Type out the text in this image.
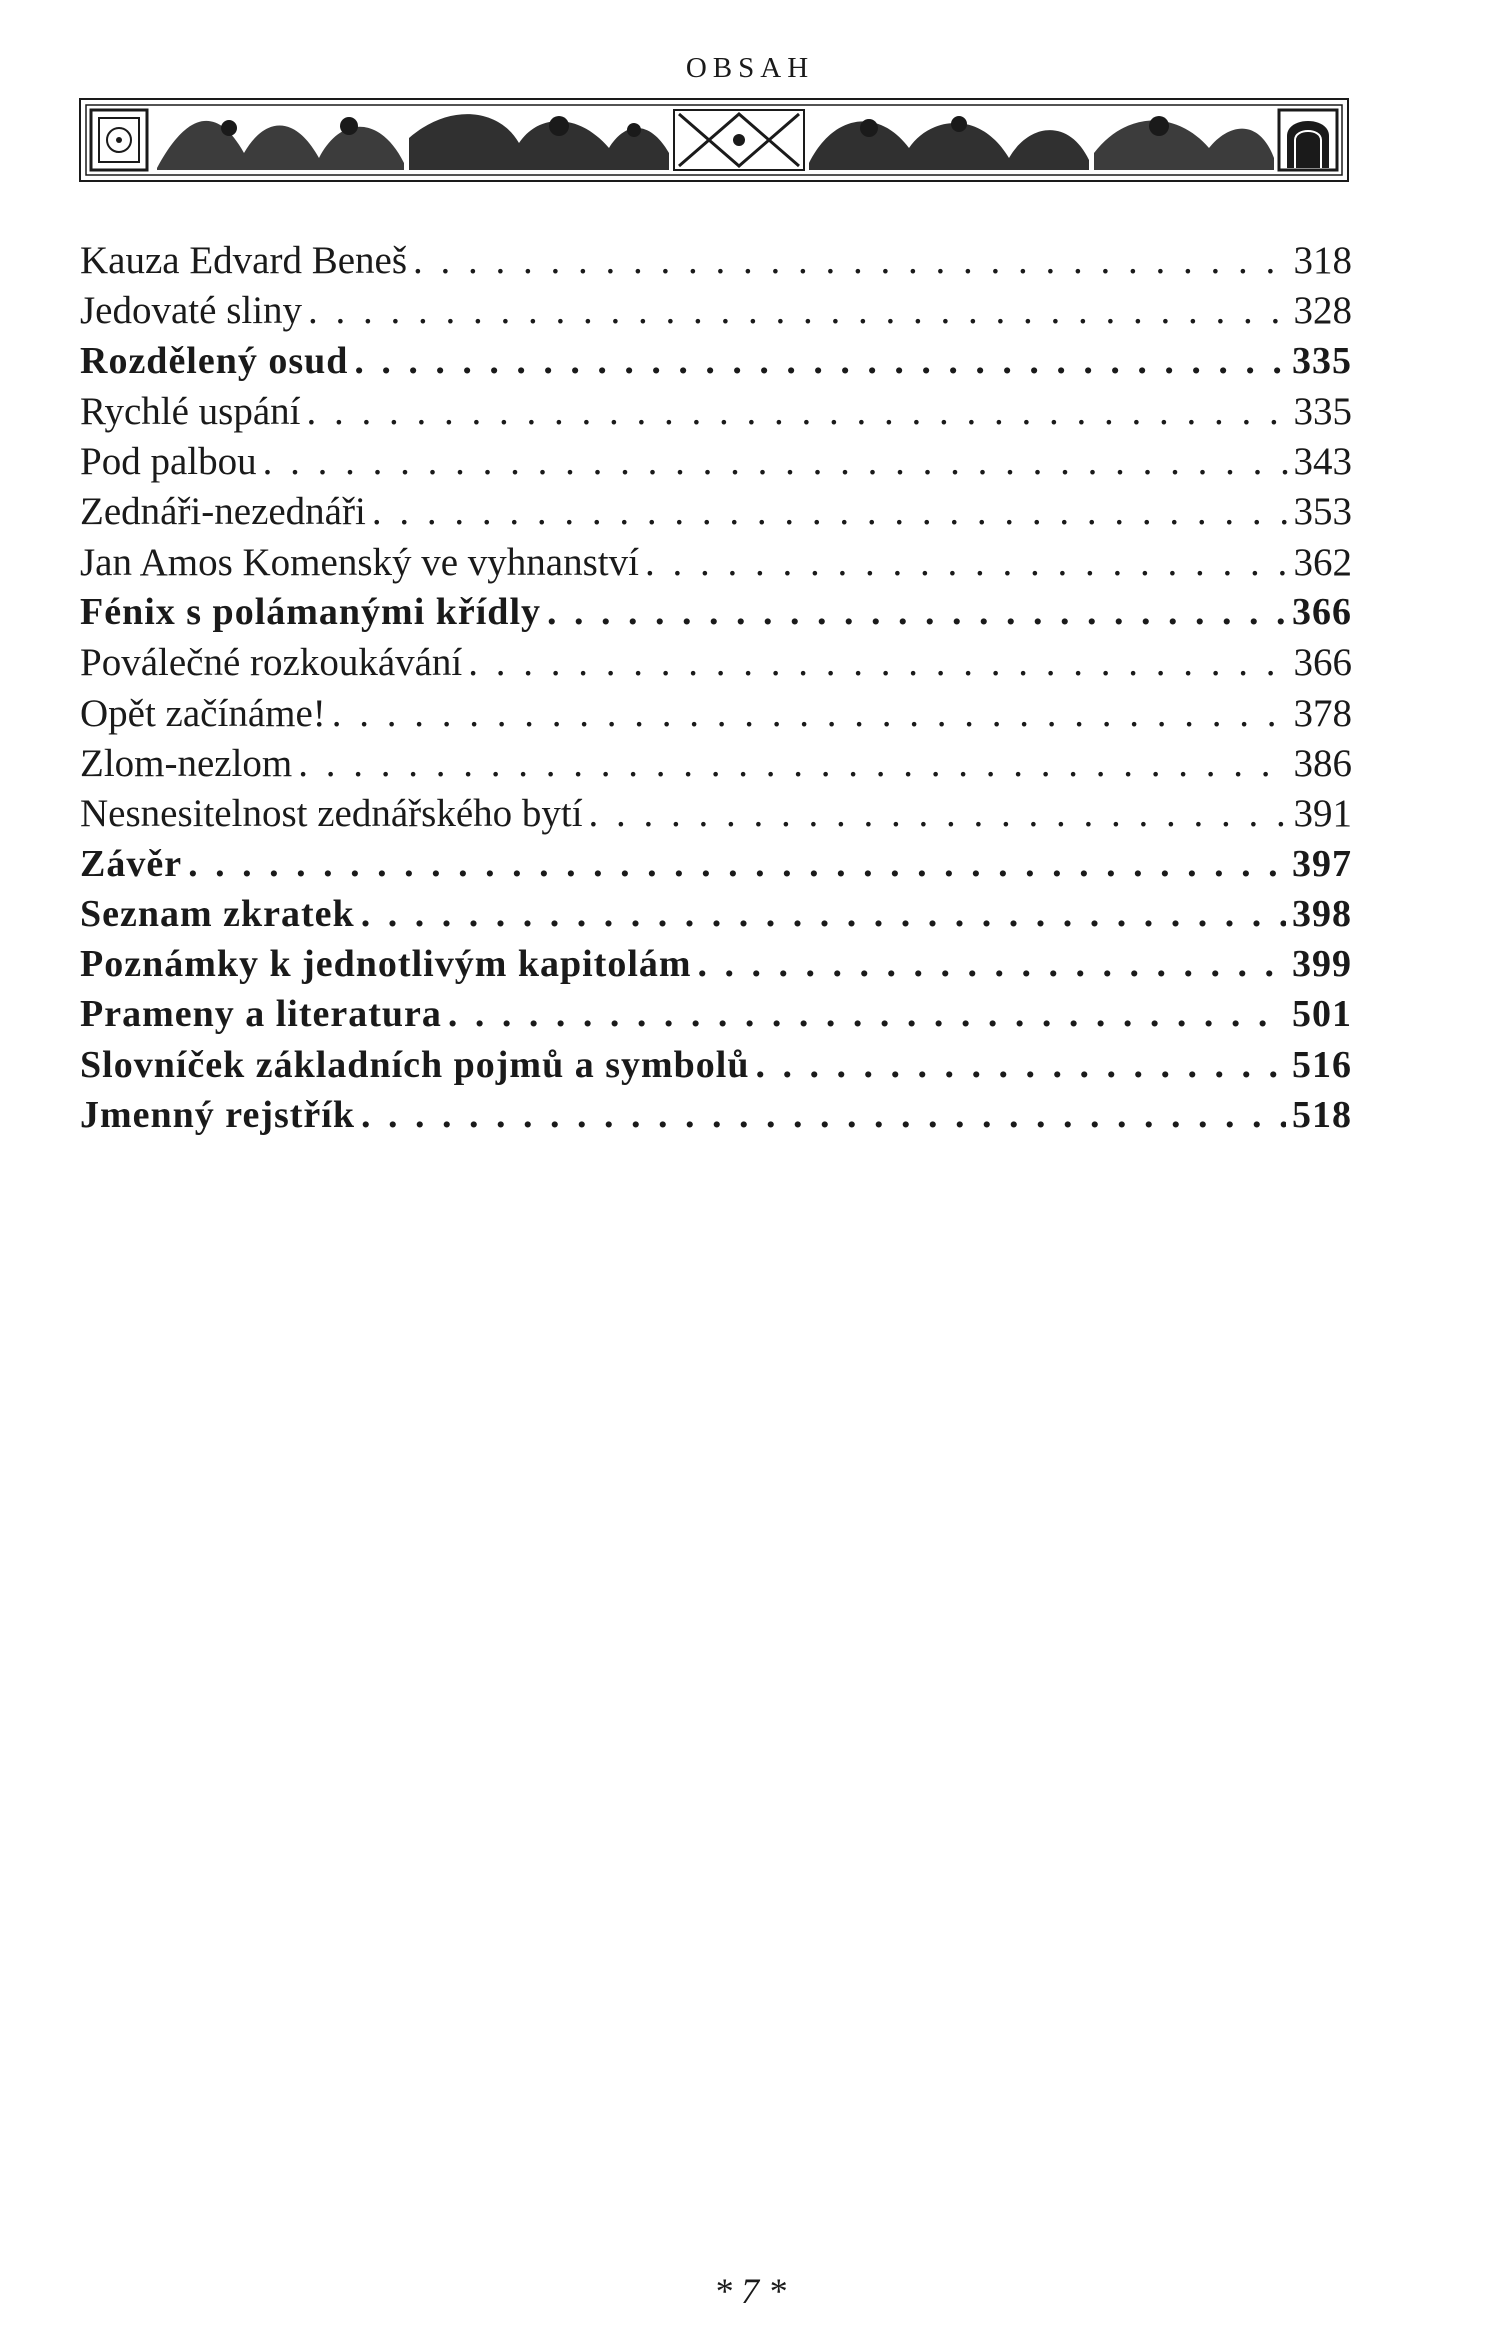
OBSAH
Kauza Edvard Beneš . . .	318
Jedovaté sliny . . .	328
Rozdělený osud . . .	335
Rychlé uspání . . .	335
Pod palbou . . .	343
Zednáři-nezednáři . . .	353
Jan Amos Komenský ve vyhnanství . . .	362
Fénix s polámanými křídly . . .	366
Poválečné rozkoukávání . . .	366
Opět začínáme! . . .	378
Zlom-nezlom . . .	386
Nesnesitelnost zednářského bytí . . .	391
Závěr . . .	397
Seznam zkratek . . .	398
Poznámky k jednotlivým kapitolám . . .	399
Prameny a literatura . . .	501
Slovníček základních pojmů a symbolů . . .	516
Jmenný rejstřík . . .	518
* 7 *
